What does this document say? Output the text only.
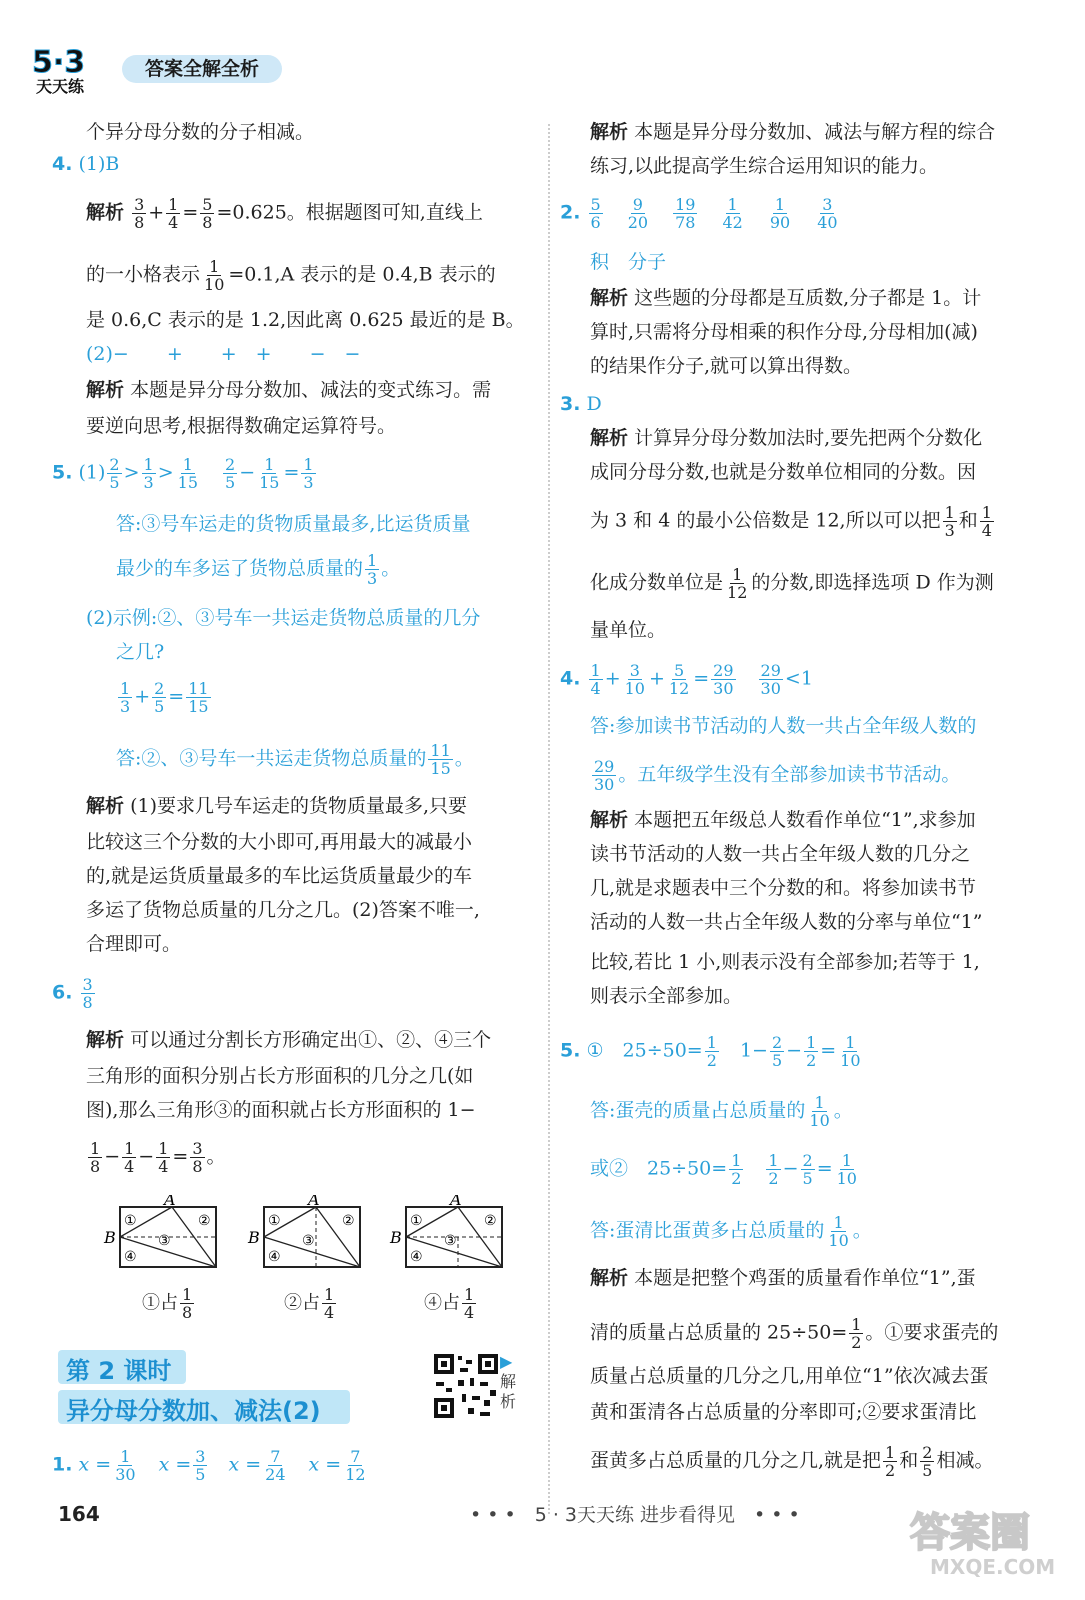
5·3
天天练
答案全解全析
个异分母分数的分子相减。
4. (1)B
解析 $\frac{3}{8} + \frac{1}{4} = \frac{5}{8} =0.625$。根据题图可知,直线上
的一小格表示 $\frac{1}{10} =0.1,A$ 表示的是 0.4,B 表示的
是 0.6,C 表示的是 1.2,因此离 0.625 最近的是 B。
(2)−　　+　　+　+　　−　−
解析 本题是异分母分数加、减法的变式练习。需
要逆向思考,根据得数确定运算符号。
5. $(1) \frac{2}{5} > \frac{1}{3} > \frac{1}{15}$
　 $\frac{2}{5} - \frac{1}{15} = \frac{1}{3}$
答:③号车运走的货物质量最多,比运货质量
最少的车多运了货物总质量的 $\frac{1}{3}$ 。
(2)示例:②、③号车一共运走货物总质量的几分
之几?
$\frac{1}{3} + \frac{2}{5} = \frac{11}{15}$
答:②、③号车一共运走货物总质量的 $\frac{11}{15}$ 。
解析 (1)要求几号车运走的货物质量最多,只要
比较这三个分数的大小即可,再用最大的减最小
的,就是运货质量最多的车比运货质量最少的车
多运了货物总质量的几分之几。(2)答案不唯一,
合理即可。
6. $\frac{3}{8}$
解析 可以通过分割长方形确定出①、②、④三个
三角形的面积分别占长方形面积的几分之几(如
图),那么三角形③的面积就占长方形面积的 1−
$\frac{1}{8} - \frac{1}{4} - \frac{1}{4} = \frac{3}{8}$ 。
A
B
①	②
③
④
A
B
①	②
③
④
A
B
①	②
③
④
①占 $\frac{1}{8}$	②占 $\frac{1}{4}$	④占 $\frac{1}{4}$
第 2 课时
异分母分数加、减法(2)
▶
解析
1. $x = \frac{1}{30}$
　 $x = \frac{3}{5}$
　 $x = \frac{7}{24}$
　 $x = \frac{7}{12}$
解析 本题是异分母分数加、减法与解方程的综合
练习,以此提高学生综合运用知识的能力。
2. $\frac{5}{6}$
　 $\frac{9}{20}$
　 $\frac{19}{78}$
　 $\frac{1}{42}$
　 $\frac{1}{90}$
　 $\frac{3}{40}$
积　分子
解析 这些题的分母都是互质数,分子都是 1。计
算时,只需将分母相乘的积作分母,分母相加(减)
的结果作分子,就可以算出得数。
3. D
解析 计算异分母分数加法时,要先把两个分数化
成同分母分数,也就是分数单位相同的分数。因
为 3 和 4 的最小公倍数是 12,所以可以把 $\frac{1}{3}$ 和 $\frac{1}{4}$
化成分数单位是 $\frac{1}{12}$ 的分数,即选择选项 D 作为测
量单位。
4. $\frac{1}{4} + \frac{3}{10} + \frac{5}{12} = \frac{29}{30}$
　 $\frac{29}{30} <1$
答:参加读书节活动的人数一共占全年级人数的
$\frac{29}{30}$ 。五年级学生没有全部参加读书节活动。
解析 本题把五年级总人数看作单位“1”,求参加
读书节活动的人数一共占全年级人数的几分之
几,就是求题表中三个分数的和。将参加读书节
活动的人数一共占全年级人数的分率与单位“1”
比较,若比 1 小,则表示没有全部参加;若等于 1,
则表示全部参加。
5. ①　$25\div 50= \frac{1}{2}$
　 $1- \frac{2}{5} - \frac{1}{2} = \frac{1}{10}$
答:蛋壳的质量占总质量的 $\frac{1}{10}$ 。
或②　$25\div 50= \frac{1}{2}$
　 $\frac{1}{2} - \frac{2}{5} = \frac{1}{10}$
答:蛋清比蛋黄多占总质量的 $\frac{1}{10}$ 。
解析 本题是把整个鸡蛋的质量看作单位“1”,蛋
清的质量占总质量的 $25\div 50= \frac{1}{2}$ 。①要求蛋壳的
质量占总质量的几分之几,用单位“1”依次减去蛋
黄和蛋清各占总质量的分率即可;②要求蛋清比
蛋黄多占总质量的几分之几,就是把 $\frac{1}{2}$ 和 $\frac{2}{5}$ 相减。
164	• • •　5 · 3天天练 进步看得见　• • •	答案圈
MXQE.COM
